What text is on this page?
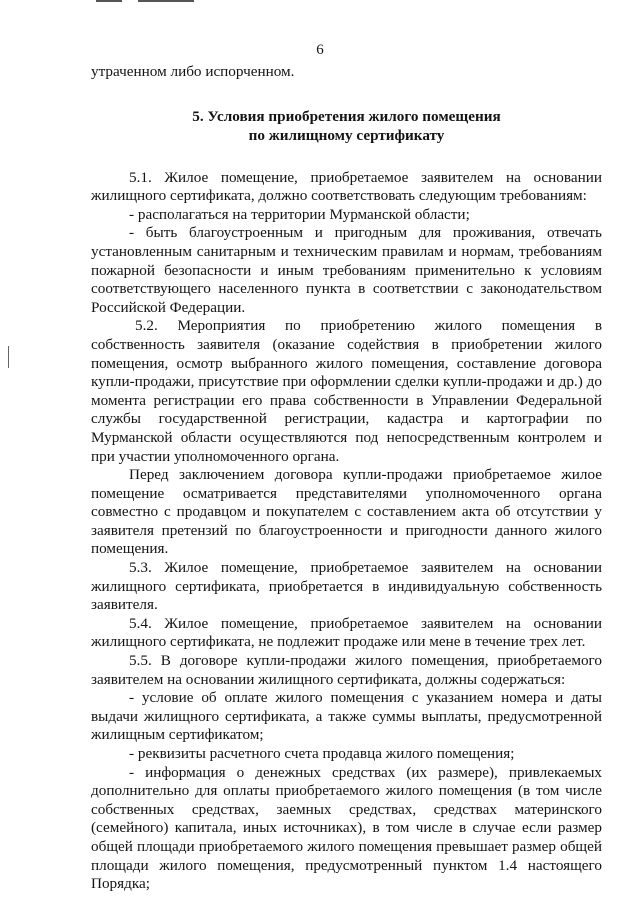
6

утраченном либо испорченном.

5. Условия приобретения жилого помещения
по жилищному сертификату

5.1. Жилое помещение, приобретаемое заявителем на основании жилищного сертификата, должно соответствовать следующим требованиям:

- располагаться на территории Мурманской области;

- быть благоустроенным и пригодным для проживания, отвечать установленным санитарным и техническим правилам и нормам, требованиям пожарной безопасности и иным требованиям применительно к условиям соответствующего населенного пункта в соответствии с законодательством Российской Федерации.

5.2. Мероприятия по приобретению жилого помещения в собственность заявителя (оказание содействия в приобретении жилого помещения, осмотр выбранного жилого помещения, составление договора купли-продажи, присутствие при оформлении сделки купли-продажи и др.) до момента регистрации его права собственности в Управлении Федеральной службы государственной регистрации, кадастра и картографии по Мурманской области осуществляются под непосредственным контролем и при участии уполномоченного органа.

Перед заключением договора купли-продажи приобретаемое жилое помещение осматривается представителями уполномоченного органа совместно с продавцом и покупателем с составлением акта об отсутствии у заявителя претензий по благоустроенности и пригодности данного жилого помещения.

5.3. Жилое помещение, приобретаемое заявителем на основании жилищного сертификата, приобретается в индивидуальную собственность заявителя.

5.4. Жилое помещение, приобретаемое заявителем на основании жилищного сертификата, не подлежит продаже или мене в течение трех лет.

5.5. В договоре купли-продажи жилого помещения, приобретаемого заявителем на основании жилищного сертификата, должны содержаться:

- условие об оплате жилого помещения с указанием номера и даты выдачи жилищного сертификата, а также суммы выплаты, предусмотренной жилищным сертификатом;

- реквизиты расчетного счета продавца жилого помещения;

- информация о денежных средствах (их размере), привлекаемых дополнительно для оплаты приобретаемого жилого помещения (в том числе собственных средствах, заемных средствах, средствах материнского (семейного) капитала, иных источниках), в том числе в случае если размер общей площади приобретаемого жилого помещения превышает размер общей площади жилого помещения, предусмотренный пунктом 1.4 настоящего Порядка;
